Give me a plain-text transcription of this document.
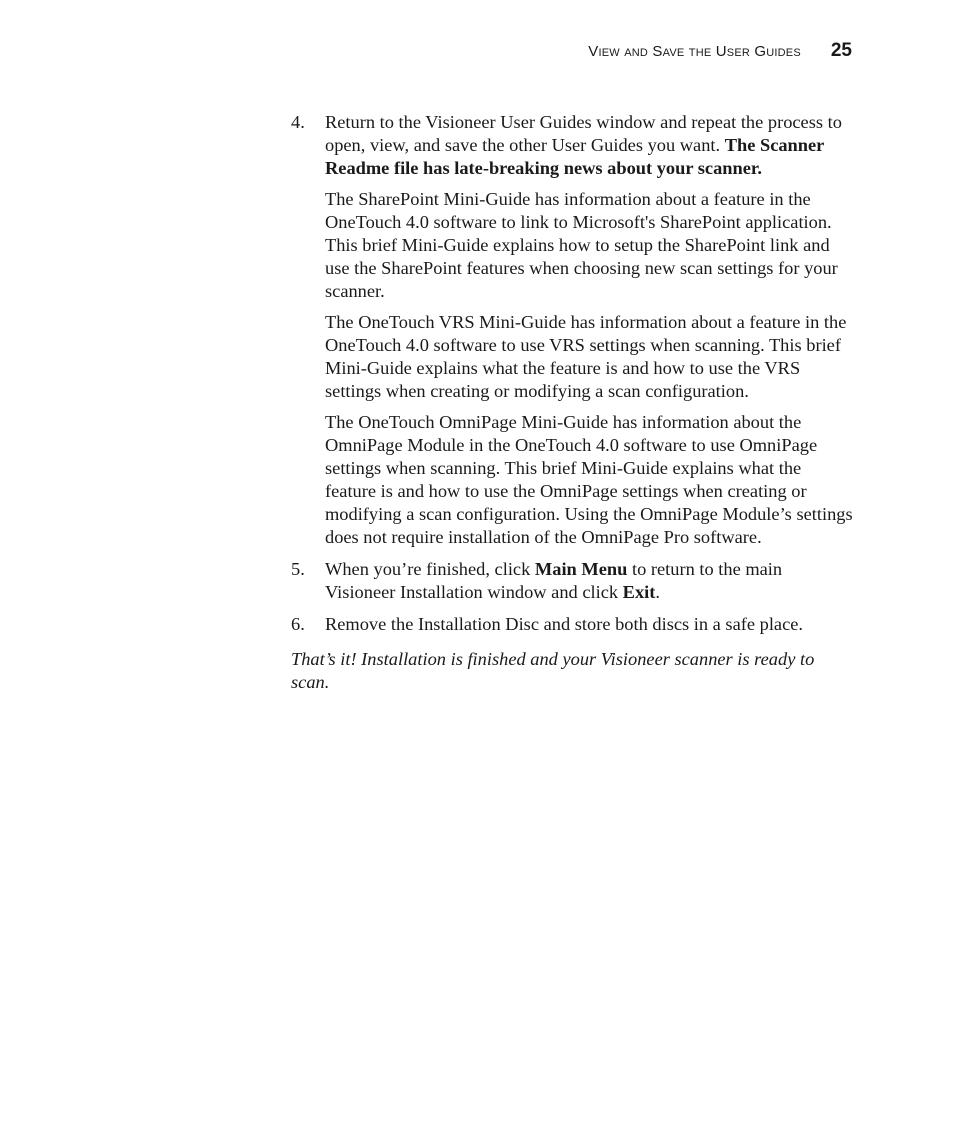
View and Save the User Guides 25
4.	Return to the Visioneer User Guides window and repeat the process to open, view, and save the other User Guides you want. The Scanner Readme file has late-breaking news about your scanner.

The SharePoint Mini-Guide has information about a feature in the OneTouch 4.0 software to link to Microsoft's SharePoint application. This brief Mini-Guide explains how to setup the SharePoint link and use the SharePoint features when choosing new scan settings for your scanner.

The OneTouch VRS Mini-Guide has information about a feature in the OneTouch 4.0 software to use VRS settings when scanning. This brief Mini-Guide explains what the feature is and how to use the VRS settings when creating or modifying a scan configuration.

The OneTouch OmniPage Mini-Guide has information about the OmniPage Module in the OneTouch 4.0 software to use OmniPage settings when scanning. This brief Mini-Guide explains what the feature is and how to use the OmniPage settings when creating or modifying a scan configuration. Using the OmniPage Module’s settings does not require installation of the OmniPage Pro software.

5.	When you’re finished, click Main Menu to return to the main Visioneer Installation window and click Exit.

6.	Remove the Installation Disc and store both discs in a safe place.

That’s it! Installation is finished and your Visioneer scanner is ready to scan.
